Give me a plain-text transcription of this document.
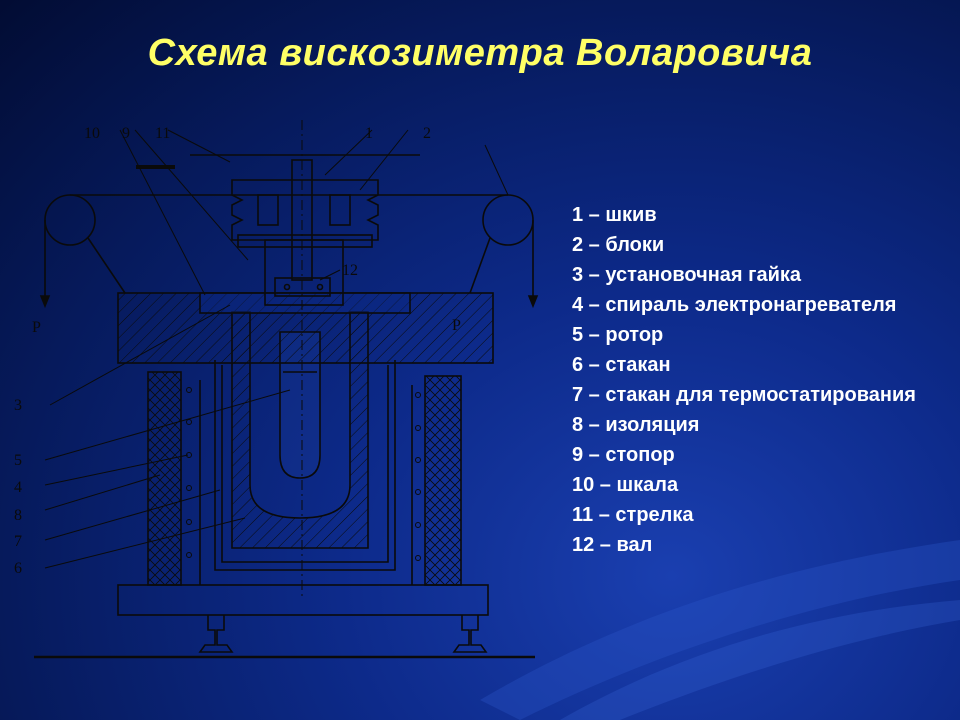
Схема вискозиметра Воларовича
10 9 11	1	2
12
3
5
4
8
7
6
P	P
1 – шкив
2 – блоки
3 – установочная гайка
4 – спираль электронагревателя
5 – ротор
6 – стакан
7 – стакан для термостатирования
8 – изоляция
9 – стопор
10 – шкала
11 – стрелка
12 – вал
